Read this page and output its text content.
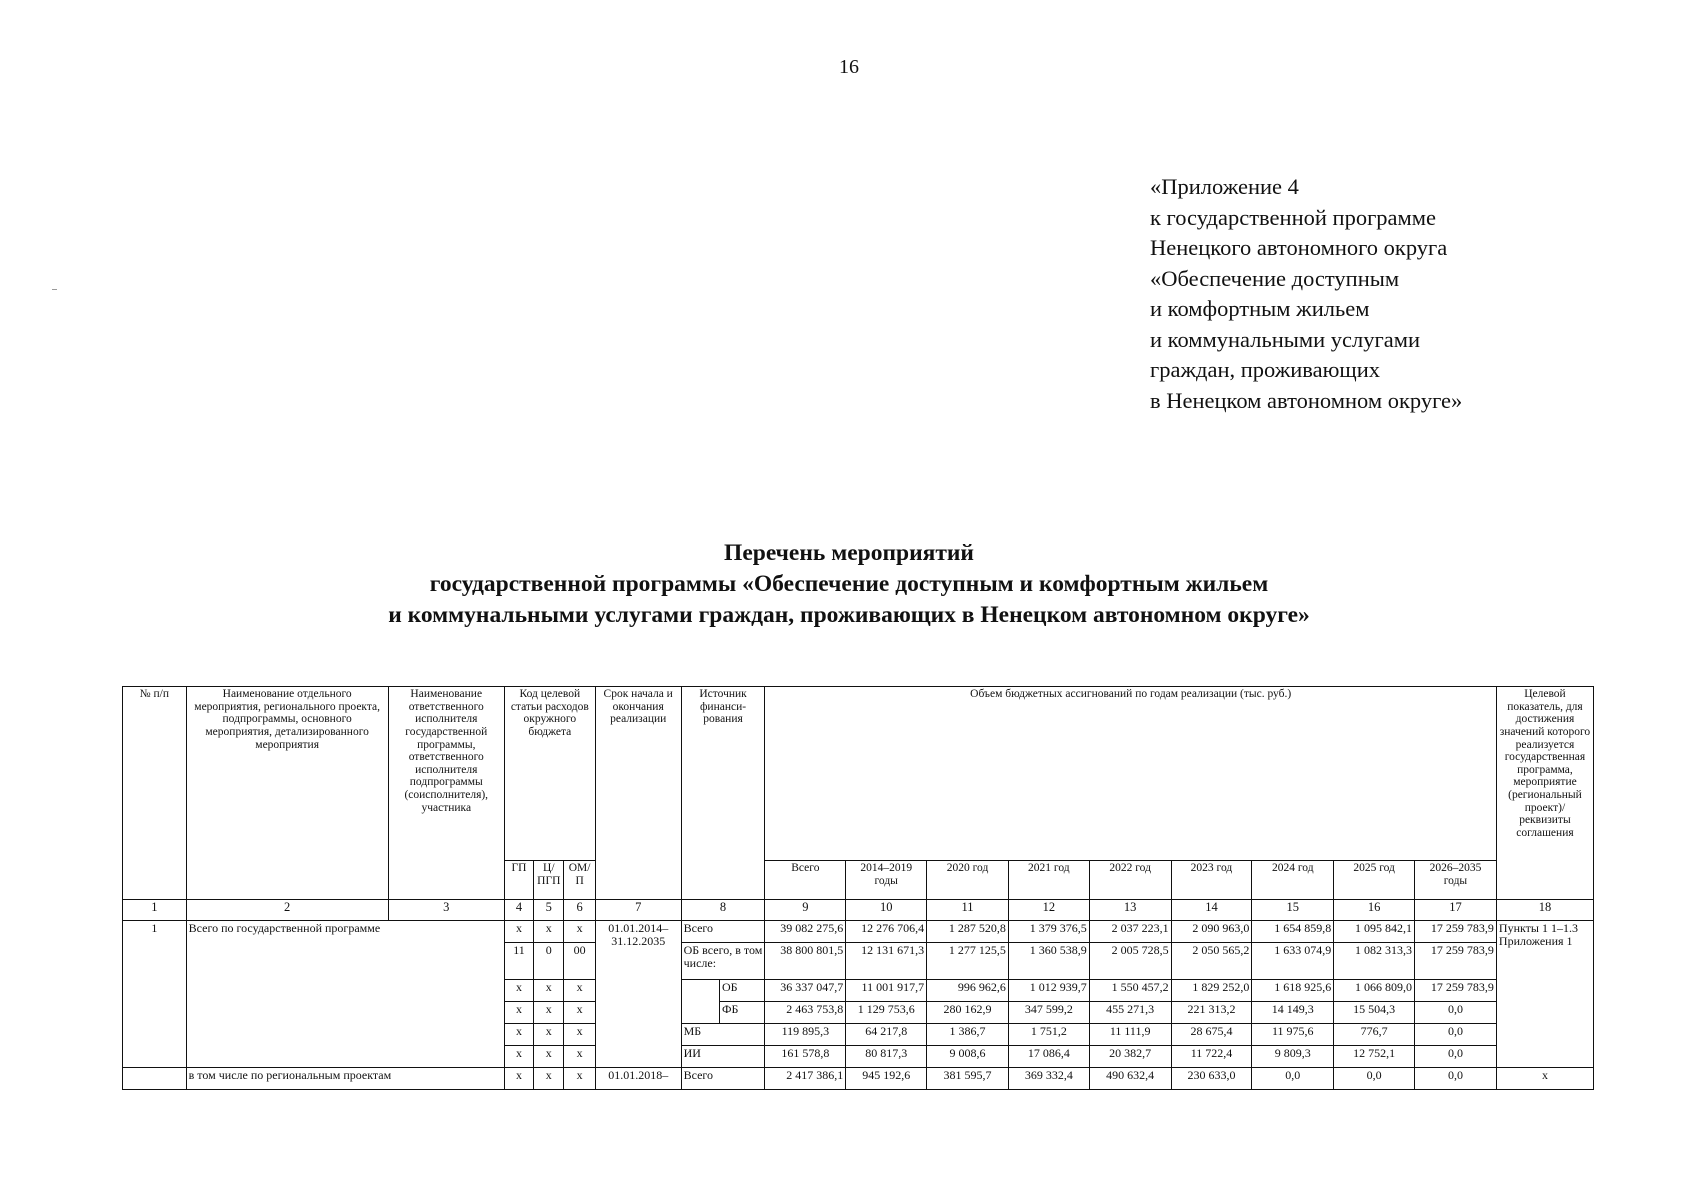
16
«Приложение 4
к государственной программе
Ненецкого автономного округа
«Обеспечение доступным
и комфортным жильем
и коммунальными услугами
граждан, проживающих
в Ненецком автономном округе»
Перечень мероприятий
государственной программы «Обеспечение доступным и комфортным жильем
и коммунальными услугами граждан, проживающих в Ненецком автономном округе»
№ п/п	Наименование отдельного мероприятия, регионального проекта, подпрограммы, основного мероприятия, детализированного мероприятия	Наименование ответственного исполнителя государственной программы, ответственного исполнителя подпрограммы (соисполнителя), участника	Код целевой статьи расходов окружного бюджета			Срок начала и окончания реализации	Источник финанси-рования		Объем бюджетных ассигнований по годам реализации (тыс. руб.)									Целевой показатель, для достижения значений которого реализуется государственная программа, мероприятие (региональный проект)/ реквизиты соглашения
			ГП	Ц/ ПГП	ОМ/ П				Всего	2014–2019 годы	2020 год	2021 год	2022 год	2023 год	2024 год	2025 год	2026–2035 годы	
1	2	3	4	5	6	7	8		9	10	11	12	13	14	15	16	17	18
1	Всего по государственной программе		х	х	х	01.01.2014– 31.12.2035	Всего		39 082 275,6	12 276 706,4	1 287 520,8	1 379 376,5	2 037 223,1	2 090 963,0	1 654 859,8	1 095 842,1	17 259 783,9	Пункты 1 1–1.3 Приложения 1
			11	0	00		ОБ всего, в том числе:		38 800 801,5	12 131 671,3	1 277 125,5	1 360 538,9	2 005 728,5	2 050 565,2	1 633 074,9	1 082 313,3	17 259 783,9	
			х	х	х			ОБ	36 337 047,7	11 001 917,7	996 962,6	1 012 939,7	1 550 457,2	1 829 252,0	1 618 925,6	1 066 809,0	17 259 783,9	
			х	х	х			ФБ	2 463 753,8	1 129 753,6	280 162,9	347 599,2	455 271,3	221 313,2	14 149,3	15 504,3	0,0	
			х	х	х		МБ		119 895,3	64 217,8	1 386,7	1 751,2	11 111,9	28 675,4	11 975,6	776,7	0,0	
			х	х	х		ИИ		161 578,8	80 817,3	9 008,6	17 086,4	20 382,7	11 722,4	9 809,3	12 752,1	0,0	
	в том числе по региональным проектам		х	х	х	01.01.2018–	Всего		2 417 386,1	945 192,6	381 595,7	369 332,4	490 632,4	230 633,0	0,0	0,0	0,0	х
